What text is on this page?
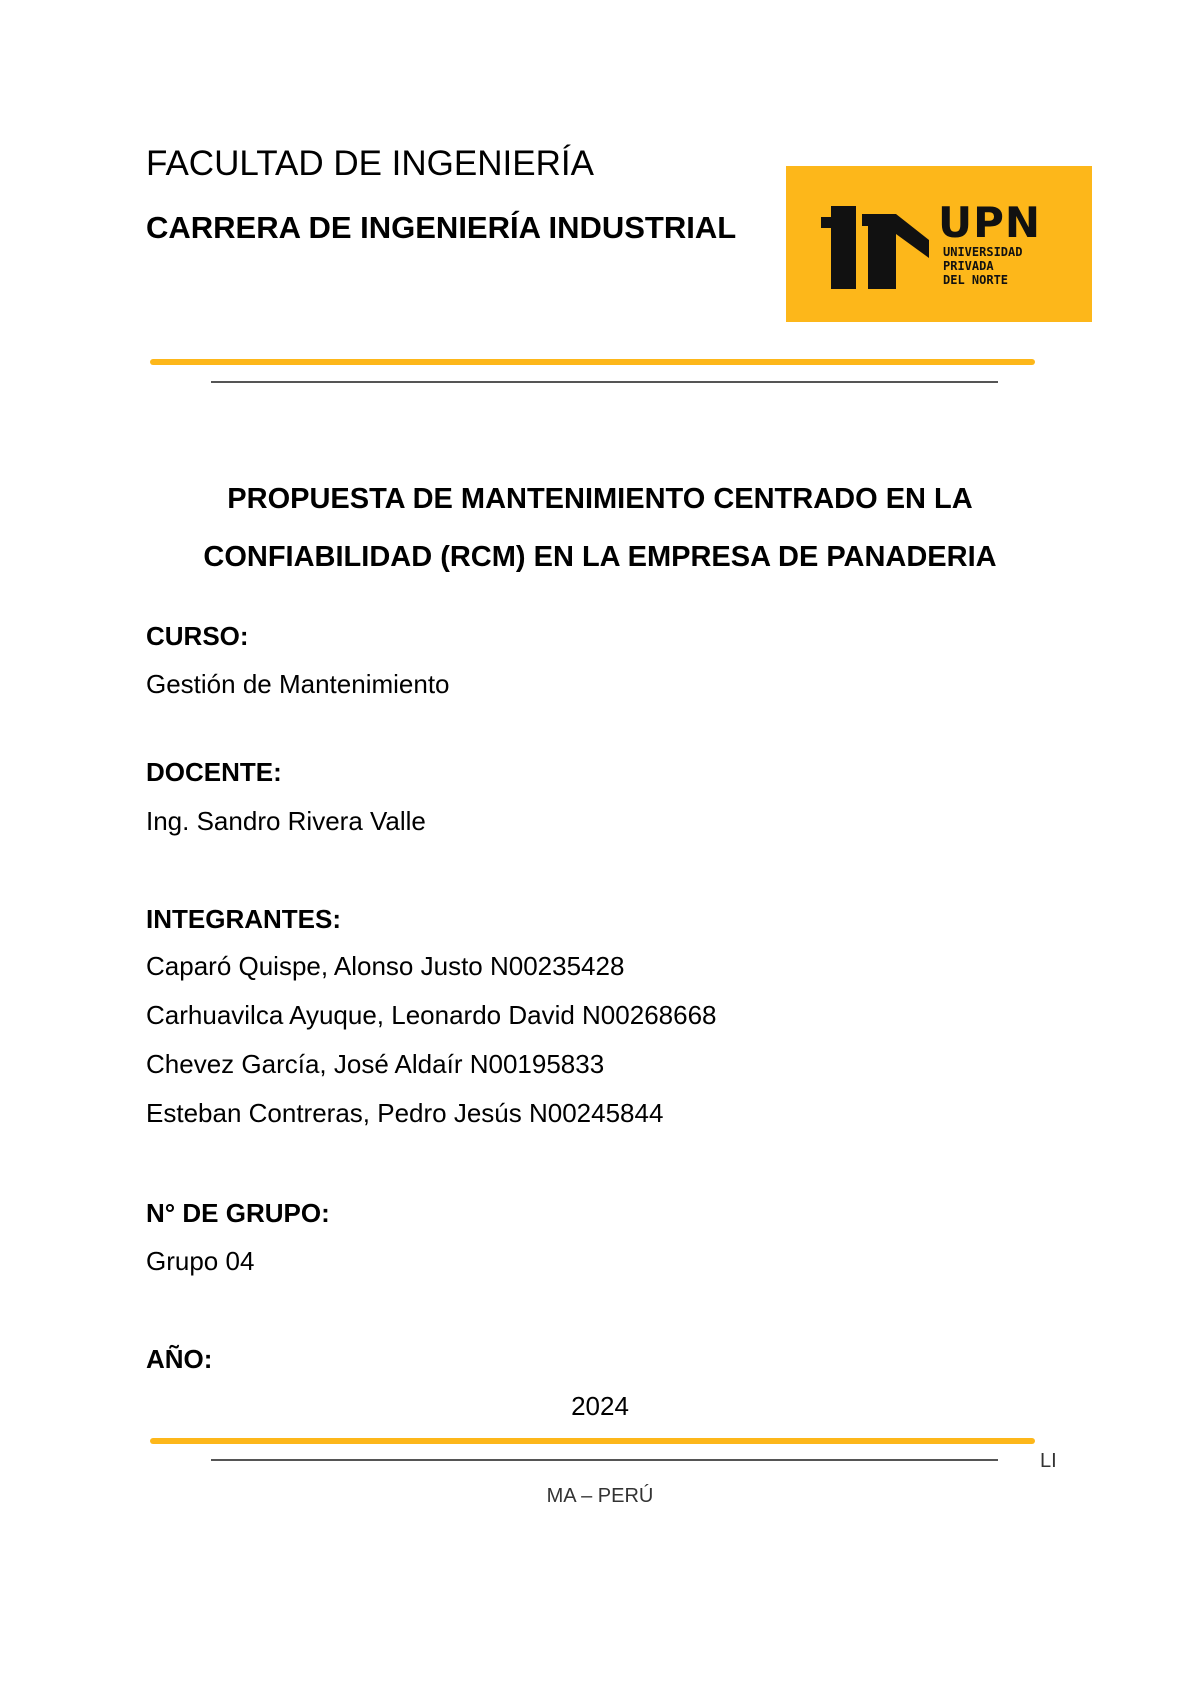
FACULTAD DE INGENIERÍA
CARRERA DE INGENIERÍA INDUSTRIAL	UPN
UNIVERSIDAD
PRIVADA
DEL NORTE
PROPUESTA DE MANTENIMIENTO CENTRADO EN LA
CONFIABILIDAD (RCM) EN LA EMPRESA DE PANADERIA
CURSO:
Gestión de Mantenimiento
DOCENTE:
Ing. Sandro Rivera Valle
INTEGRANTES:
Caparó Quispe, Alonso Justo N00235428
Carhuavilca Ayuque, Leonardo David N00268668
Chevez García, José Aldaír N00195833
Esteban Contreras, Pedro Jesús N00245844
N° DE GRUPO:
Grupo 04
AÑO:
2024
LI
MA – PERÚ
